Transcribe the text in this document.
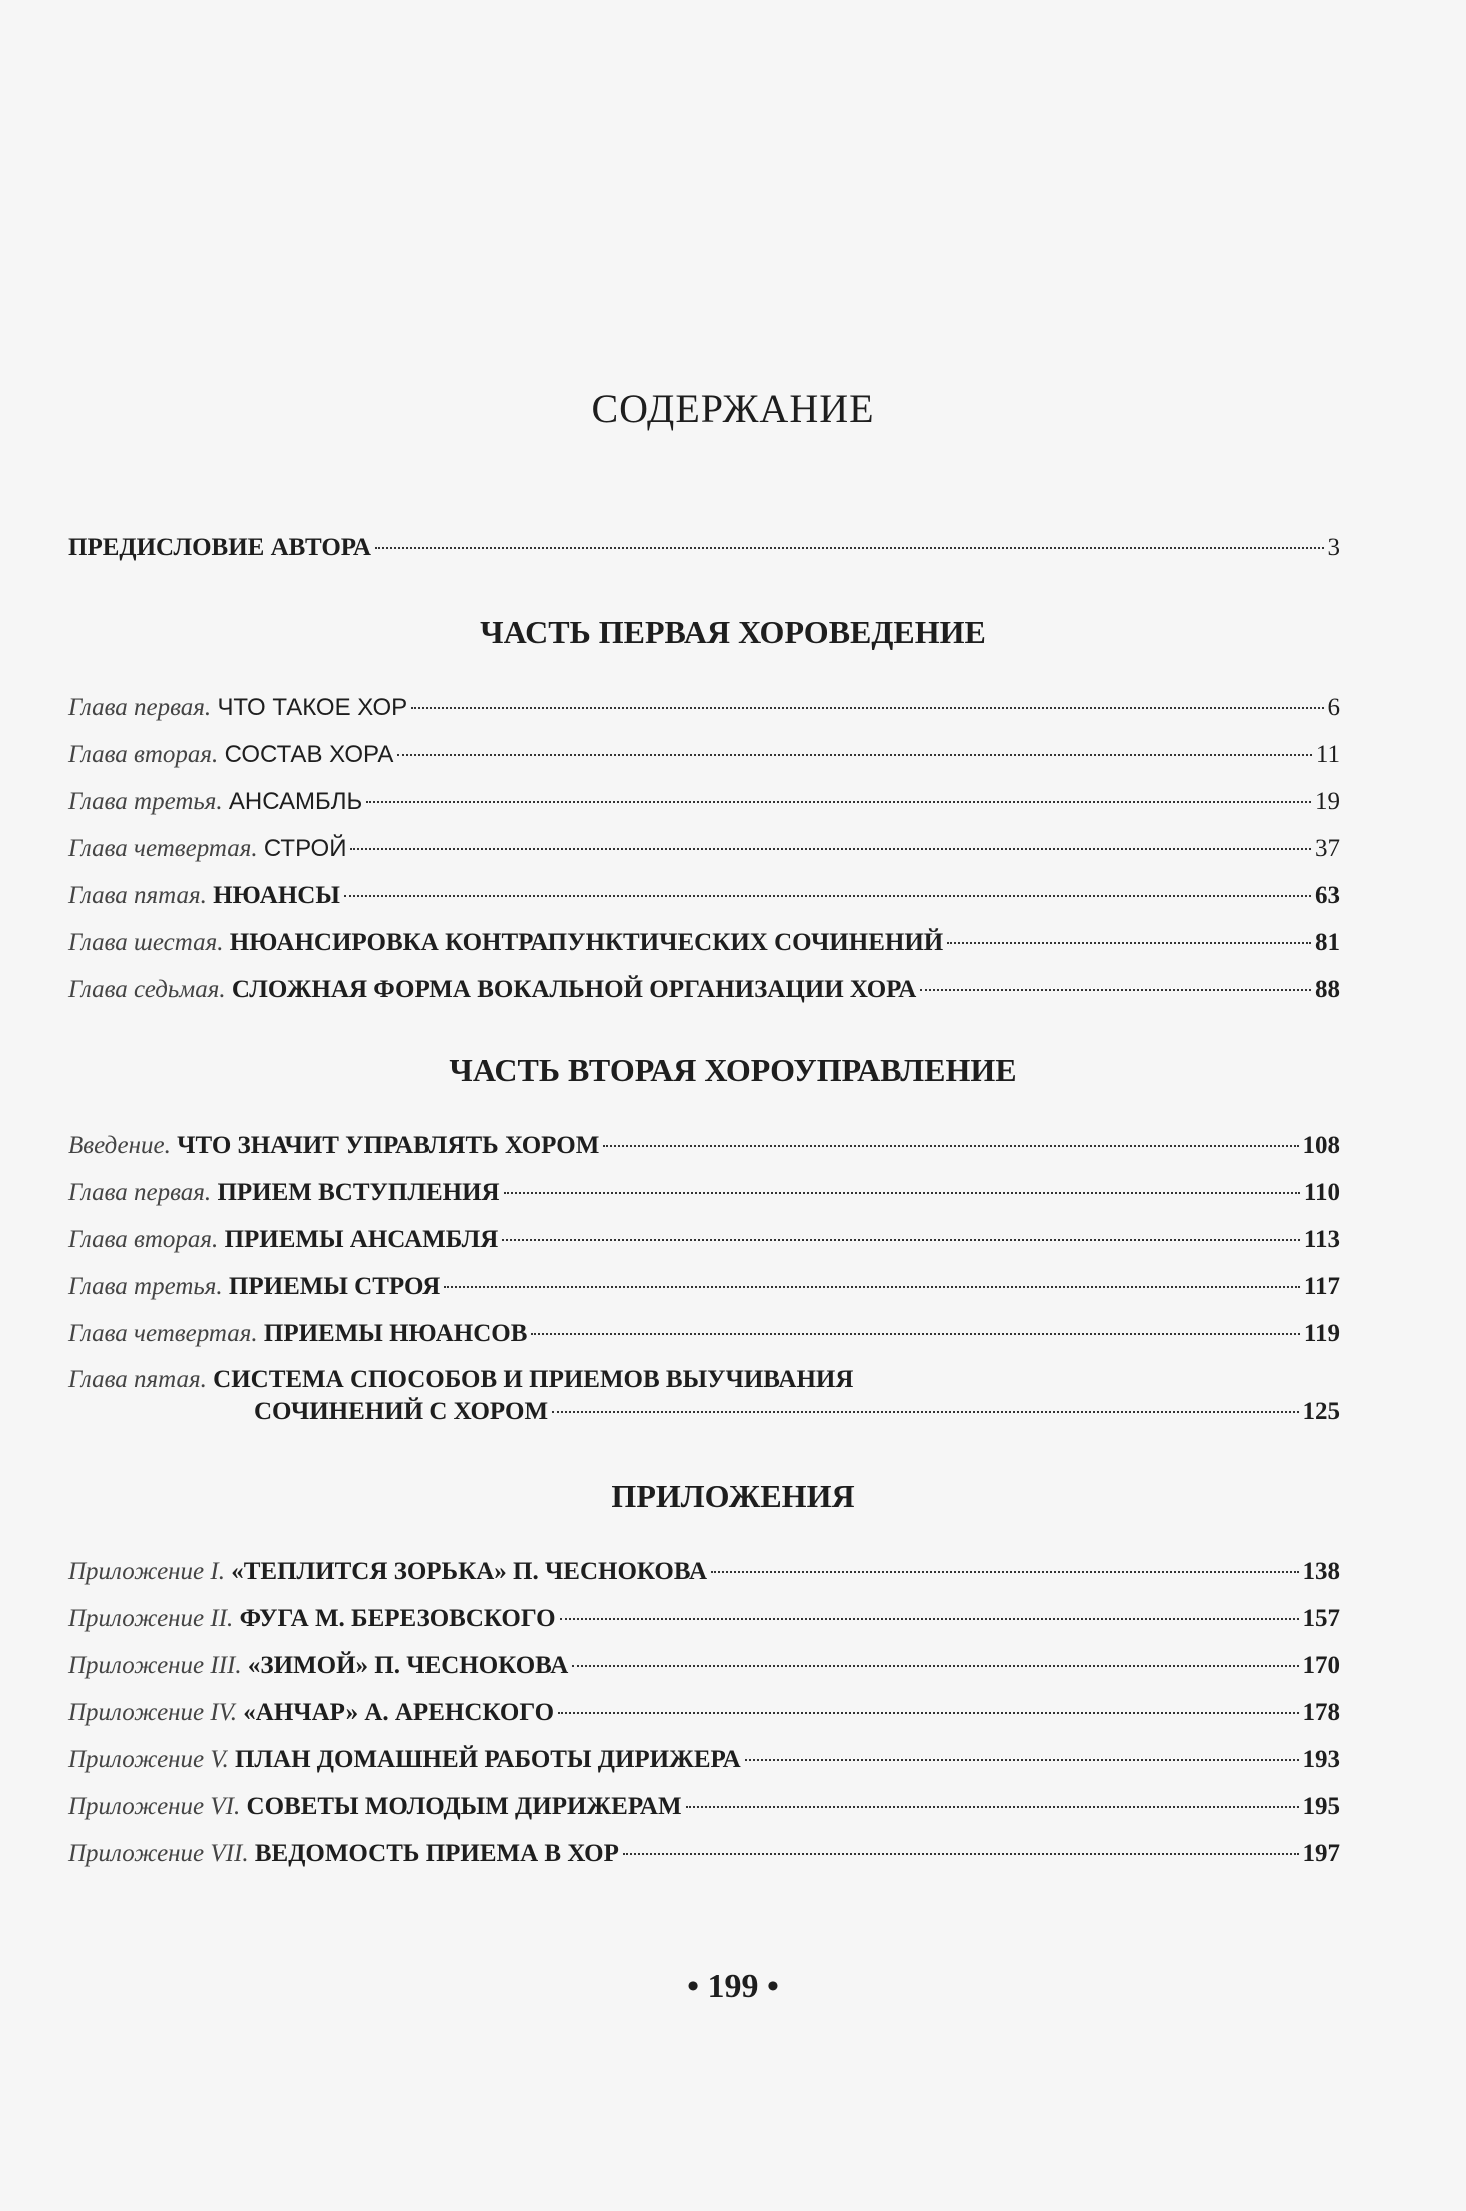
СОДЕРЖАНИЕ
ПРЕДИСЛОВИЕ АВТОРА	3
ЧАСТЬ ПЕРВАЯ ХОРОВЕДЕНИЕ
Глава первая. ЧТО ТАКОЕ ХОР	6
Глава вторая. СОСТАВ ХОРА	11
Глава третья. АНСАМБЛЬ	19
Глава четвертая. СТРОЙ	37
Глава пятая. НЮАНСЫ	63
Глава шестая. НЮАНСИРОВКА КОНТРАПУНКТИЧЕСКИХ СОЧИНЕНИЙ	81
Глава седьмая. СЛОЖНАЯ ФОРМА ВОКАЛЬНОЙ ОРГАНИЗАЦИИ ХОРА	88
ЧАСТЬ ВТОРАЯ ХОРОУПРАВЛЕНИЕ
Введение. ЧТО ЗНАЧИТ УПРАВЛЯТЬ ХОРОМ	108
Глава первая. ПРИЕМ ВСТУПЛЕНИЯ	110
Глава вторая. ПРИЕМЫ АНСАМБЛЯ	113
Глава третья. ПРИЕМЫ СТРОЯ	117
Глава четвертая. ПРИЕМЫ НЮАНСОВ	119
Глава пятая. СИСТЕМА СПОСОБОВ И ПРИЕМОВ ВЫУЧИВАНИЯ
СОЧИНЕНИЙ С ХОРОМ	125
ПРИЛОЖЕНИЯ
Приложение I. «ТЕПЛИТСЯ ЗОРЬКА» П. ЧЕСНОКОВА	138
Приложение II. ФУГА М. БЕРЕЗОВСКОГО	157
Приложение III. «ЗИМОЙ» П. ЧЕСНОКОВА	170
Приложение IV. «АНЧАР» А. АРЕНСКОГО	178
Приложение V. ПЛАН ДОМАШНЕЙ РАБОТЫ ДИРИЖЕРА	193
Приложение VI. СОВЕТЫ МОЛОДЫМ ДИРИЖЕРАМ	195
Приложение VII. ВЕДОМОСТЬ ПРИЕМА В ХОР	197
• 199 •
